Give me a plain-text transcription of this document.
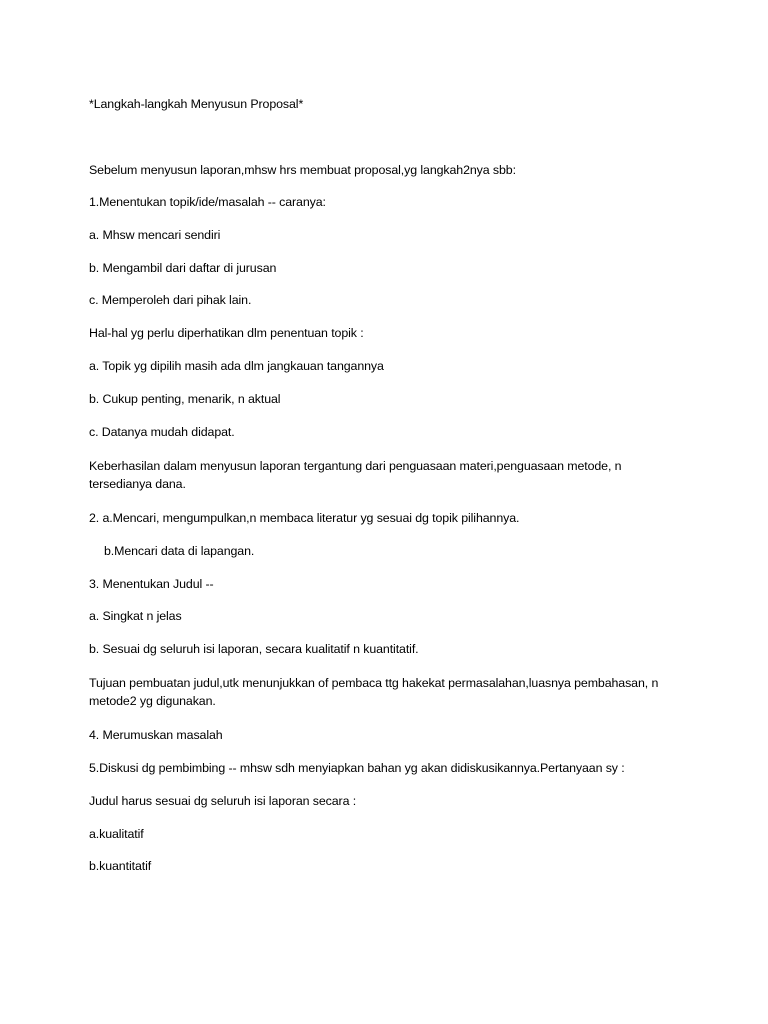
*Langkah-langkah Menyusun Proposal*
Sebelum menyusun laporan,mhsw hrs membuat proposal,yg langkah2nya sbb:
1.Menentukan topik/ide/masalah -- caranya:
a. Mhsw mencari sendiri
b. Mengambil dari daftar di jurusan
c. Memperoleh dari pihak lain.
Hal-hal yg perlu diperhatikan dlm penentuan topik :
a. Topik yg dipilih masih ada dlm jangkauan tangannya
b. Cukup penting, menarik, n aktual
c. Datanya mudah didapat.
Keberhasilan dalam menyusun laporan tergantung dari penguasaan materi,penguasaan metode, n tersedianya dana.
2. a.Mencari, mengumpulkan,n membaca literatur yg sesuai dg topik pilihannya.
b.Mencari data di lapangan.
3. Menentukan Judul --
a. Singkat n jelas
b. Sesuai dg seluruh isi laporan, secara kualitatif n kuantitatif.
Tujuan pembuatan judul,utk menunjukkan of pembaca ttg hakekat permasalahan,luasnya pembahasan, n metode2 yg digunakan.
4. Merumuskan masalah
5.Diskusi dg pembimbing -- mhsw sdh menyiapkan bahan yg akan didiskusikannya.Pertanyaan sy :
Judul harus sesuai dg seluruh isi laporan secara :
a.kualitatif
b.kuantitatif
